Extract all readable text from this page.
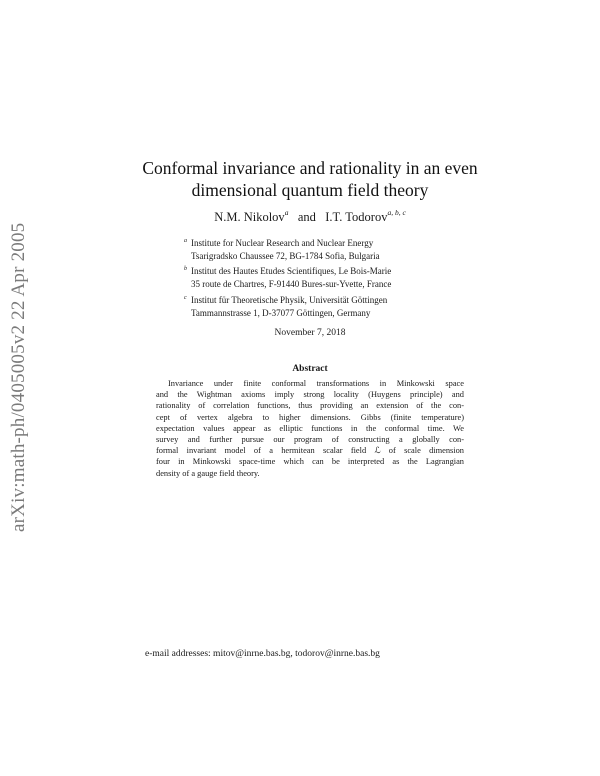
arXiv:math-ph/0405005v2 22 Apr 2005
Conformal invariance and rationality in an even
dimensional quantum field theory
N.M. Nikolov$^a$ and I.T. Todorov$^{a, b, c}$
a Institute for Nuclear Research and Nuclear Energy
Tsarigradsko Chaussee 72, BG-1784 Sofia, Bulgaria
b Institut des Hautes Etudes Scientifiques, Le Bois-Marie
35 route de Chartres, F-91440 Bures-sur-Yvette, France
c Institut für Theoretische Physik, Universität Göttingen
Tammannstrasse 1, D-37077 Göttingen, Germany
November 7, 2018
Abstract
Invariance under finite conformal transformations in Minkowski space
and the Wightman axioms imply strong locality (Huygens principle) and
rationality of correlation functions, thus providing an extension of the con-
cept of vertex algebra to higher dimensions. Gibbs (finite temperature)
expectation values appear as elliptic functions in the conformal time. We
survey and further pursue our program of constructing a globally con-
formal invariant model of a hermitean scalar field ℒ of scale dimension
four in Minkowski space-time which can be interpreted as the Lagrangian
density of a gauge field theory.
e-mail addresses: mitov@inrne.bas.bg, todorov@inrne.bas.bg
